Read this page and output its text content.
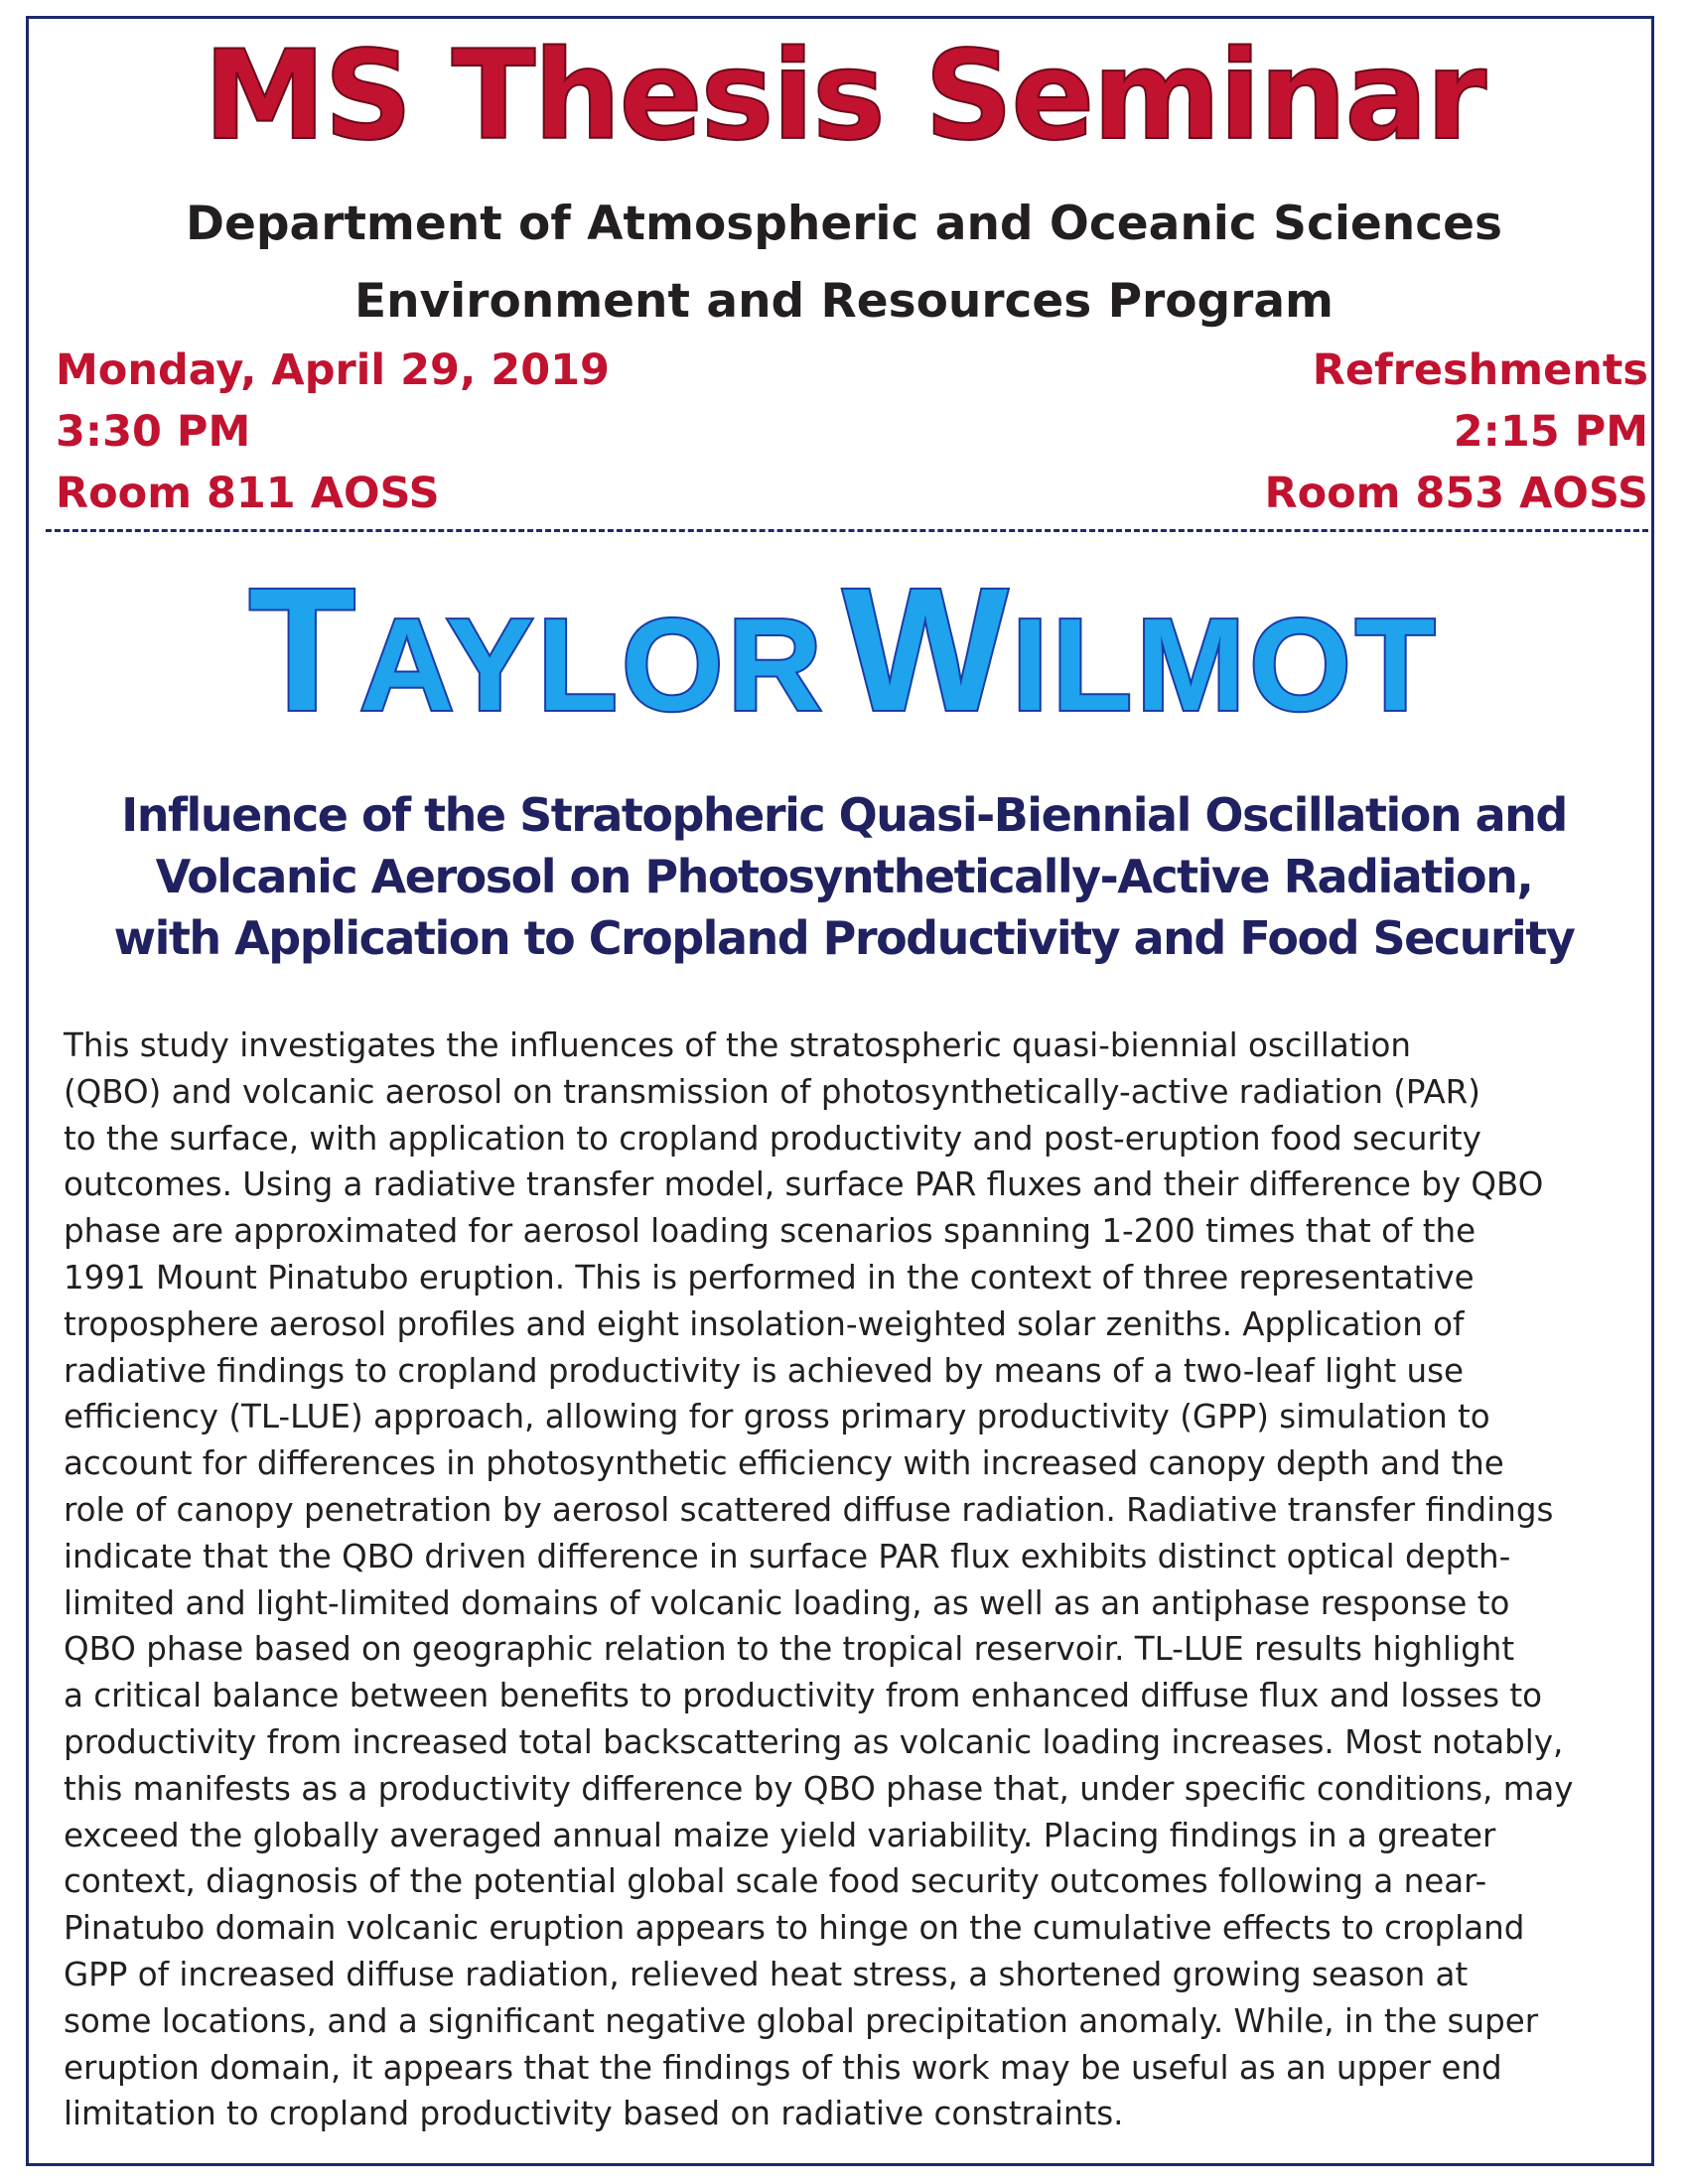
MS Thesis Seminar
Department of Atmospheric and Oceanic Sciences
Environment and Resources Program
Monday, April 29, 2019
3:30 PM
Room 811 AOSS
Refreshments
2:15 PM
Room 853 AOSS
TAYLOR  WILMOT
Influence of the Stratopheric Quasi-Biennial Oscillation and
Volcanic Aerosol on Photosynthetically-Active Radiation,
with Application to Cropland Productivity and Food Security
This study investigates the influences of the stratospheric quasi-biennial oscillation
(QBO) and volcanic aerosol on transmission of photosynthetically-active radiation (PAR)
to the surface, with application to cropland productivity and post-eruption food security
outcomes. Using a radiative transfer model, surface PAR fluxes and their difference by QBO
phase are approximated for aerosol loading scenarios spanning 1-200 times that of the
1991 Mount Pinatubo eruption. This is performed in the context of three representative
troposphere aerosol profiles and eight insolation-weighted solar zeniths. Application of
radiative findings to cropland productivity is achieved by means of a two-leaf light use
efficiency (TL-LUE) approach, allowing for gross primary productivity (GPP) simulation to
account for differences in photosynthetic efficiency with increased canopy depth and the
role of canopy penetration by aerosol scattered diffuse radiation. Radiative transfer findings
indicate that the QBO driven difference in surface PAR flux exhibits distinct optical depth-
limited and light-limited domains of volcanic loading, as well as an antiphase response to
QBO phase based on geographic relation to the tropical reservoir. TL-LUE results highlight
a critical balance between benefits to productivity from enhanced diffuse flux and losses to
productivity from increased total backscattering as volcanic loading increases. Most notably,
this manifests as a productivity difference by QBO phase that, under specific conditions, may
exceed the globally averaged annual maize yield variability. Placing findings in a greater
context, diagnosis of the potential global scale food security outcomes following a near-
Pinatubo domain volcanic eruption appears to hinge on the cumulative effects to cropland
GPP of increased diffuse radiation, relieved heat stress, a shortened growing season at
some locations, and a significant negative global precipitation anomaly. While, in the super
eruption domain, it appears that the findings of this work may be useful as an upper end
limitation to cropland productivity based on radiative constraints.
